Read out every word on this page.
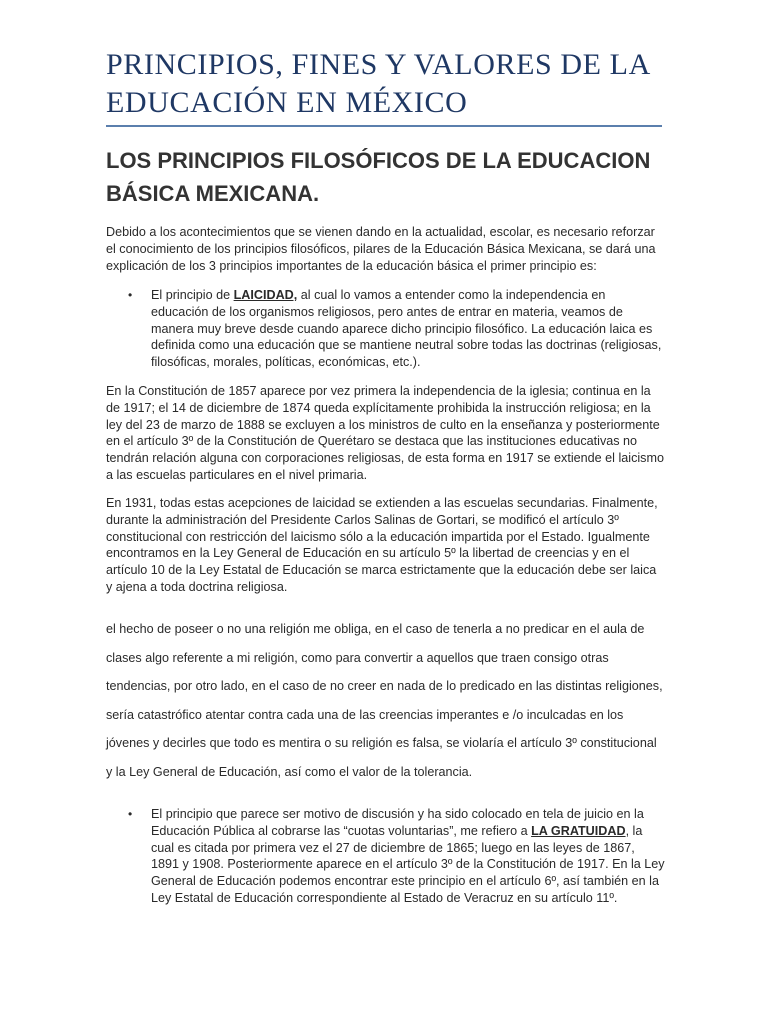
PRINCIPIOS, FINES Y VALORES DE LA EDUCACIÓN EN MÉXICO
LOS PRINCIPIOS FILOSÓFICOS DE LA EDUCACION BÁSICA MEXICANA.
Debido a los acontecimientos que se vienen dando en la actualidad, escolar, es necesario reforzar el conocimiento de los principios filosóficos, pilares de la Educación Básica Mexicana, se dará una explicación de los 3 principios importantes de la educación básica el primer principio es:
• El principio de LAICIDAD, al cual lo vamos a entender como la independencia en educación de los organismos religiosos, pero antes de entrar en materia, veamos de manera muy breve desde cuando aparece dicho principio filosófico. La educación laica es definida como una educación que se mantiene neutral sobre todas las doctrinas (religiosas, filosóficas, morales, políticas, económicas, etc.).
En la Constitución de 1857 aparece por vez primera la independencia de la iglesia; continua en la de 1917; el 14 de diciembre de 1874 queda explícitamente prohibida la instrucción religiosa; en la ley del 23 de marzo de 1888 se excluyen a los ministros de culto en la enseñanza y posteriormente en el artículo 3º de la Constitución de Querétaro se destaca que las instituciones educativas no tendrán relación alguna con corporaciones religiosas, de esta forma en 1917 se extiende el laicismo a las escuelas particulares en el nivel primaria.
En 1931, todas estas acepciones de laicidad se extienden a las escuelas secundarias. Finalmente, durante la administración del Presidente Carlos Salinas de Gortari, se modificó el artículo 3º constitucional con restricción del laicismo sólo a la educación impartida por el Estado. Igualmente encontramos en la Ley General de Educación en su artículo 5º la libertad de creencias y en el artículo 10 de la Ley Estatal de Educación se marca estrictamente que la educación debe ser laica y ajena a toda doctrina religiosa.
el hecho de poseer o no una religión me obliga, en el caso de tenerla a no predicar en el aula de clases algo referente a mi religión, como para convertir a aquellos que traen consigo otras tendencias, por otro lado, en el caso de no creer en nada de lo predicado en las distintas religiones, sería catastrófico atentar contra cada una de las creencias imperantes e /o inculcadas en los jóvenes y decirles que todo es mentira o su religión es falsa, se violaría el artículo 3º constitucional y la Ley General de Educación, así como el valor de la tolerancia.
• El principio que parece ser motivo de discusión y ha sido colocado en tela de juicio en la Educación Pública al cobrarse las “cuotas voluntarias”, me refiero a LA GRATUIDAD, la cual es citada por primera vez el 27 de diciembre de 1865; luego en las leyes de 1867, 1891 y 1908. Posteriormente aparece en el artículo 3º de la Constitución de 1917. En la Ley General de Educación podemos encontrar este principio en el artículo 6º, así también en la Ley Estatal de Educación correspondiente al Estado de Veracruz en su artículo 11º.
